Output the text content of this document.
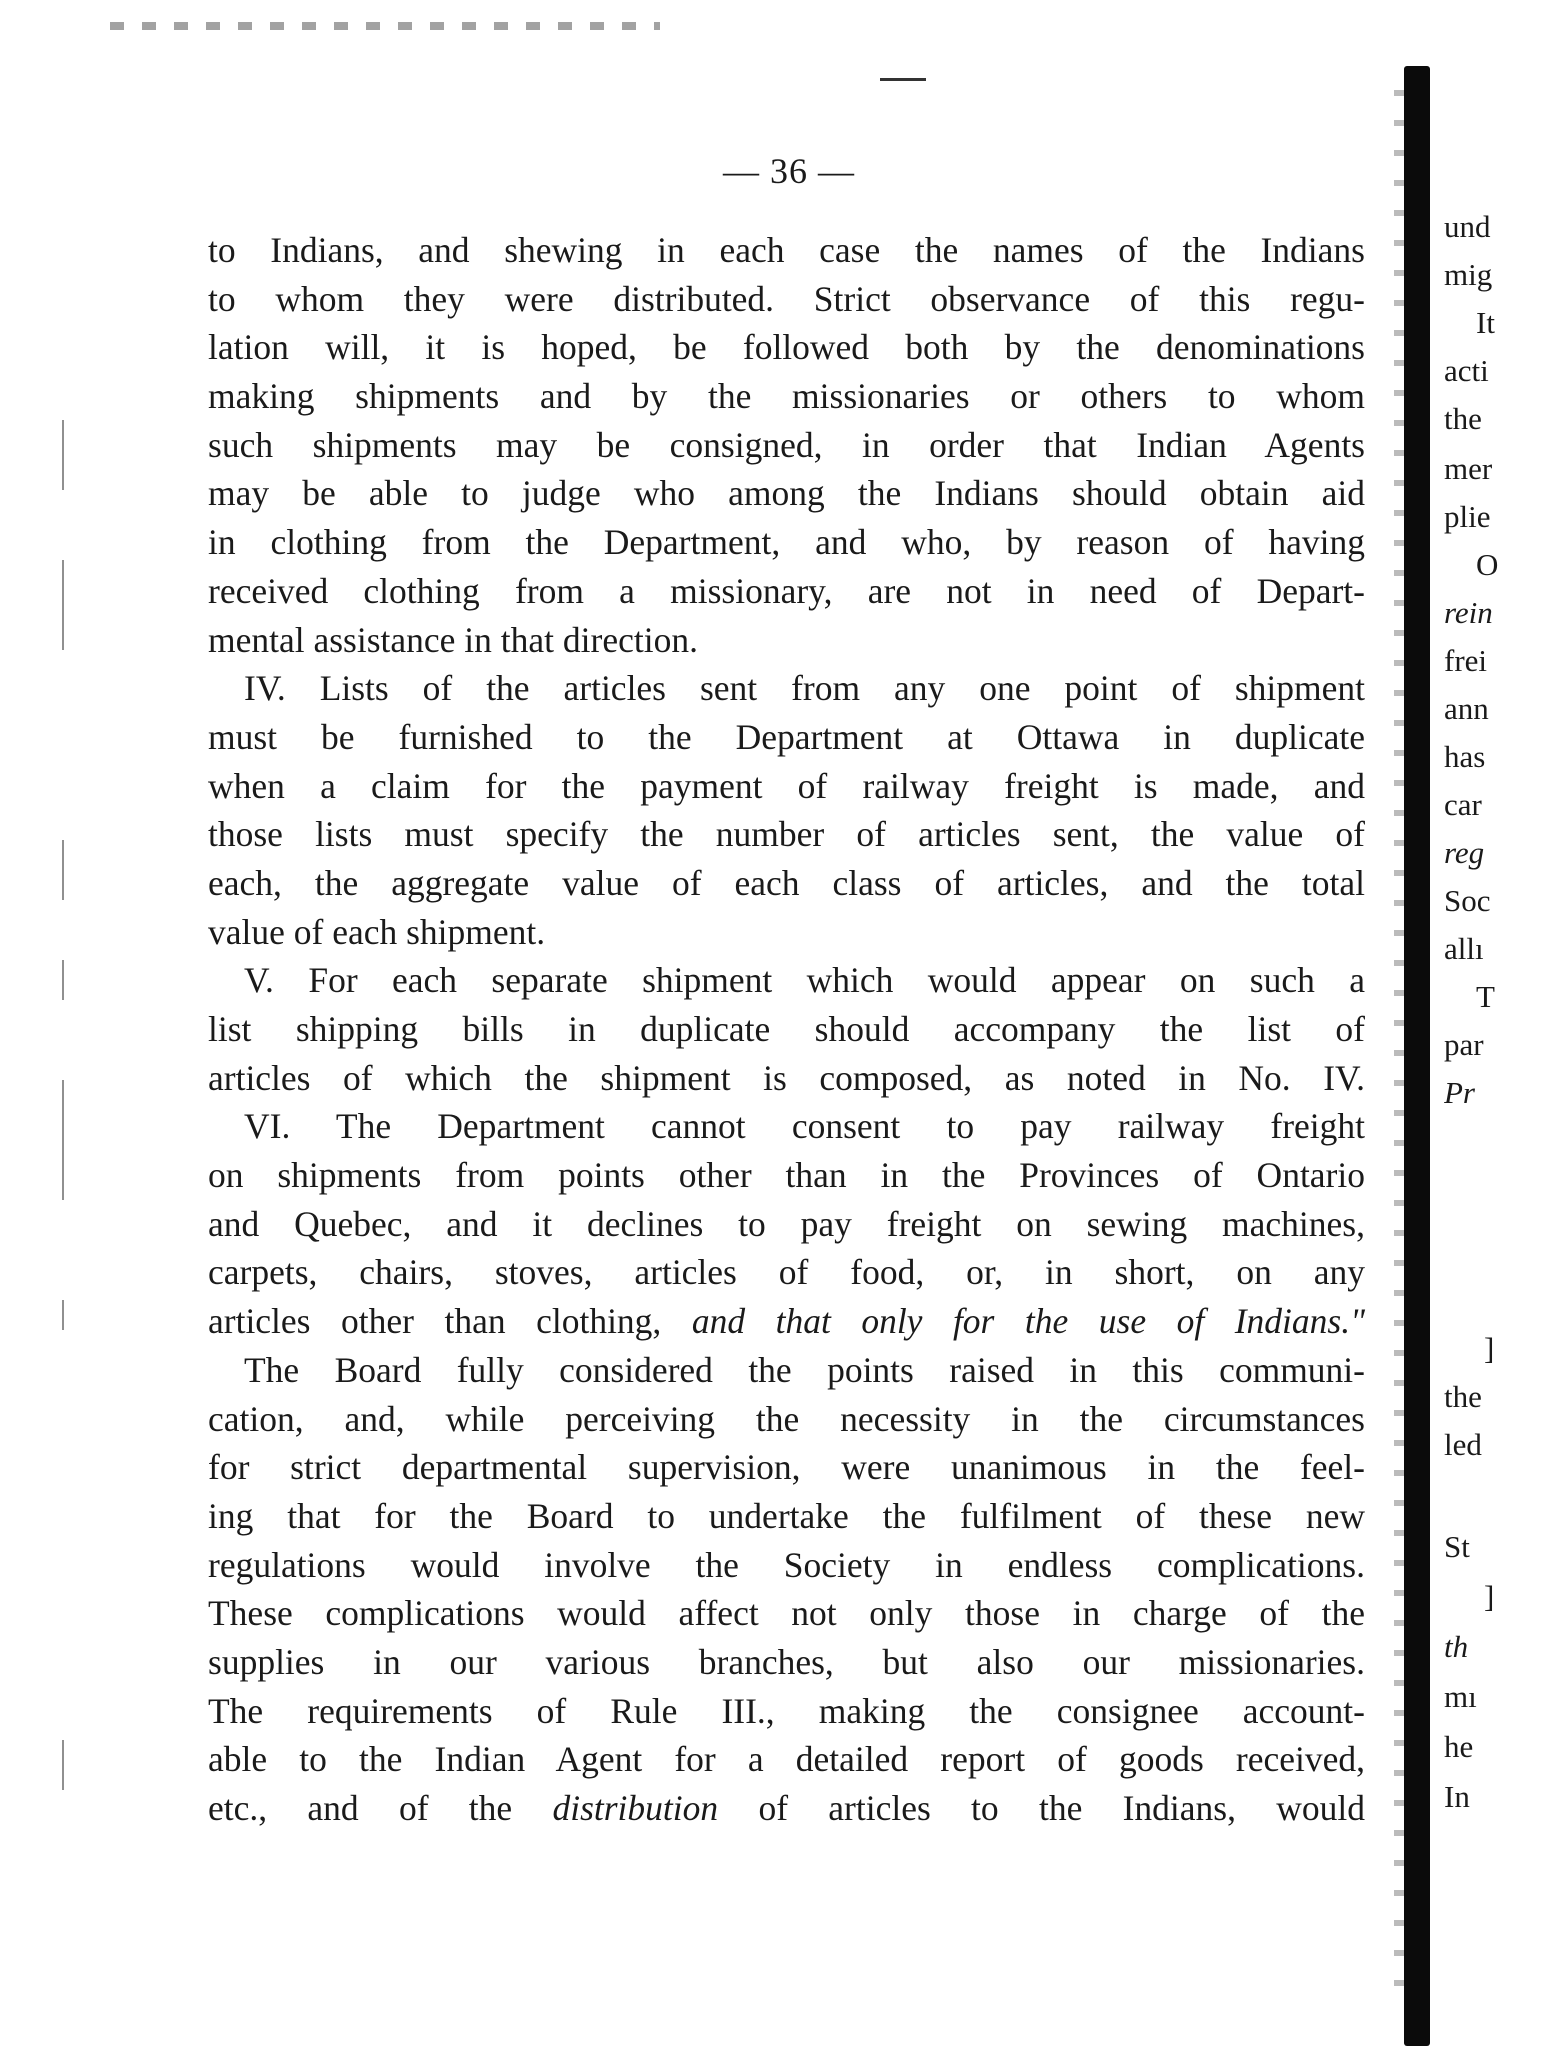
— 36 —
to Indians, and shewing in each case the names of the Indians
to whom they were distributed. Strict observance of this regu-
lation will, it is hoped, be followed both by the denominations
making shipments and by the missionaries or others to whom
such shipments may be consigned, in order that Indian Agents
may be able to judge who among the Indians should obtain aid
in clothing from the Department, and who, by reason of having
received clothing from a missionary, are not in need of Depart-
mental assistance in that direction.
IV. Lists of the articles sent from any one point of shipment
must be furnished to the Department at Ottawa in duplicate
when a claim for the payment of railway freight is made, and
those lists must specify the number of articles sent, the value of
each, the aggregate value of each class of articles, and the total
value of each shipment.
V. For each separate shipment which would appear on such a
list shipping bills in duplicate should accompany the list of
articles of which the shipment is composed, as noted in No. IV.
VI. The Department cannot consent to pay railway freight
on shipments from points other than in the Provinces of Ontario
and Quebec, and it declines to pay freight on sewing machines,
carpets, chairs, stoves, articles of food, or, in short, on any
articles other than clothing, and that only for the use of Indians."
The Board fully considered the points raised in this communi-
cation, and, while perceiving the necessity in the circumstances
for strict departmental supervision, were unanimous in the feel-
ing that for the Board to undertake the fulfilment of these new
regulations would involve the Society in endless complications.
These complications would affect not only those in charge of the
supplies in our various branches, but also our missionaries.
The requirements of Rule III., making the consignee account-
able to the Indian Agent for a detailed report of goods received,
etc., and of the distribution of articles to the Indians, would
und
mig
It
acti
the
mer
plie
O
rein
frei
ann
has
car
reg
Soc
allı
T
par
Pr
]
the
led
St
]
th
mı
he
In
